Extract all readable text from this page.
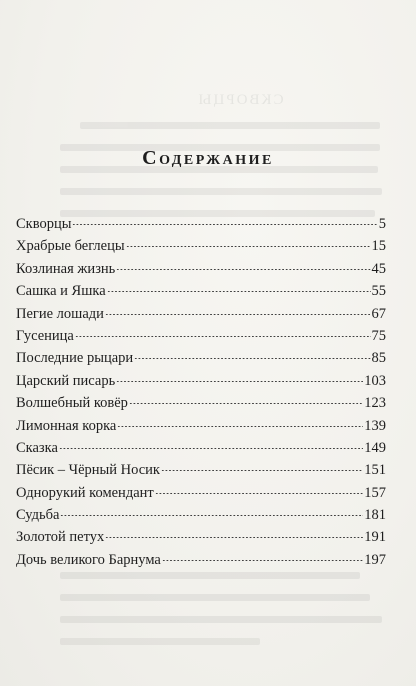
СКВОРЦЫ
Содержание
Скворцы	5
Храбрые беглецы	15
Козлиная жизнь	45
Сашка и Яшка	55
Пегие лошади	67
Гусеница	75
Последние рыцари	85
Царский писарь	103
Волшебный ковёр	123
Лимонная корка	139
Сказка	149
Пёсик – Чёрный Носик	151
Однорукий комендант	157
Судьба	181
Золотой петух	191
Дочь великого Барнума	197
